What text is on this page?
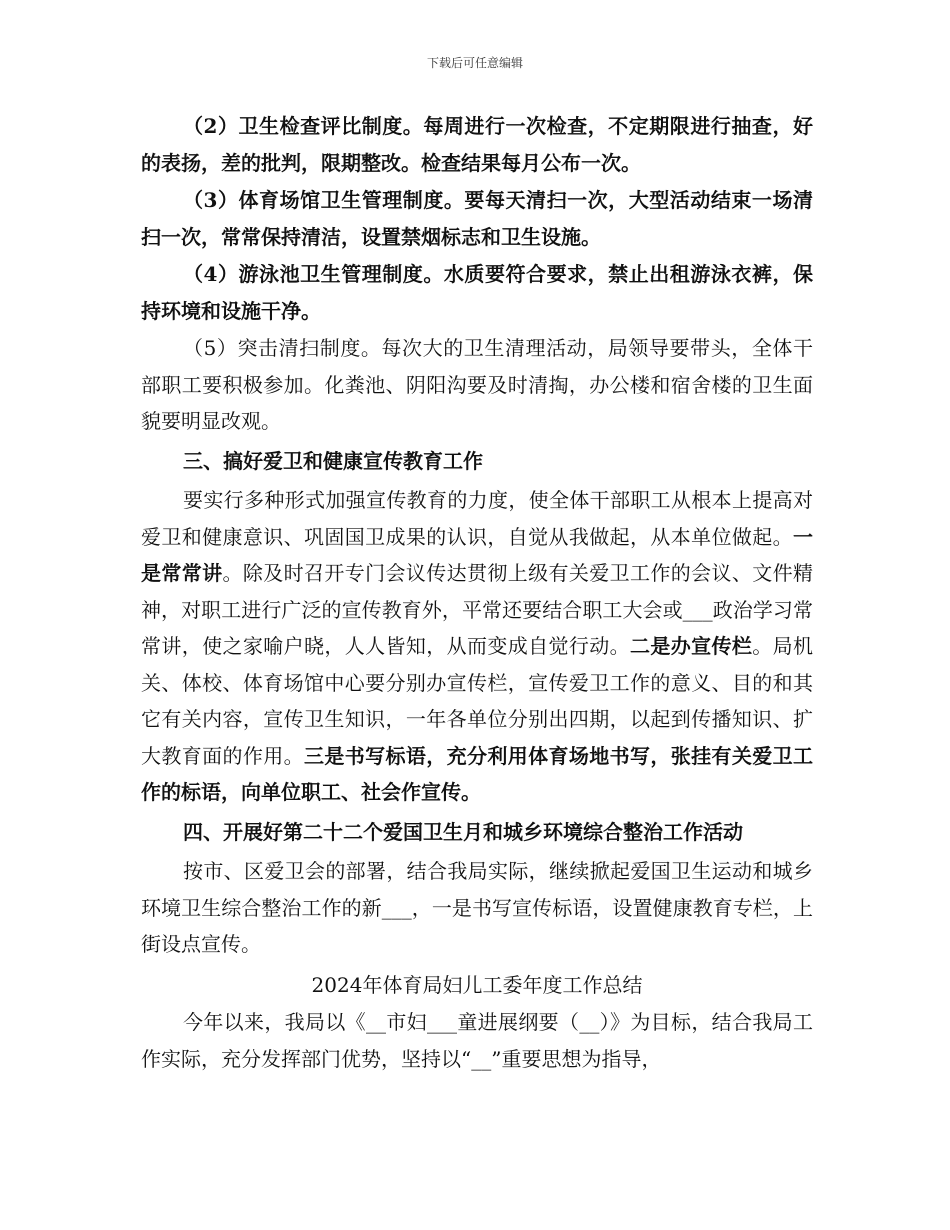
下载后可任意编辑

（2）卫生检查评比制度。每周进行一次检查，不定期限进行抽查，好的表扬，差的批判，限期整改。检查结果每月公布一次。

（3）体育场馆卫生管理制度。要每天清扫一次，大型活动结束一场清扫一次，常常保持清洁，设置禁烟标志和卫生设施。

（4）游泳池卫生管理制度。水质要符合要求，禁止出租游泳衣裤，保持环境和设施干净。

（5）突击清扫制度。每次大的卫生清理活动，局领导要带头，全体干部职工要积极参加。化粪池、阴阳沟要及时清掏，办公楼和宿舍楼的卫生面貌要明显改观。

三、搞好爱卫和健康宣传教育工作

要实行多种形式加强宣传教育的力度，使全体干部职工从根本上提高对爱卫和健康意识、巩固国卫成果的认识，自觉从我做起，从本单位做起。一是常常讲。除及时召开专门会议传达贯彻上级有关爱卫工作的会议、文件精神，对职工进行广泛的宣传教育外，平常还要结合职工大会或___政治学习常常讲，使之家喻户晓，人人皆知，从而变成自觉行动。二是办宣传栏。局机关、体校、体育场馆中心要分别办宣传栏，宣传爱卫工作的意义、目的和其它有关内容，宣传卫生知识，一年各单位分别出四期，以起到传播知识、扩大教育面的作用。三是书写标语，充分利用体育场地书写，张挂有关爱卫工作的标语，向单位职工、社会作宣传。

四、开展好第二十二个爱国卫生月和城乡环境综合整治工作活动

按市、区爱卫会的部署，结合我局实际，继续掀起爱国卫生运动和城乡环境卫生综合整治工作的新___，一是书写宣传标语，设置健康教育专栏，上街设点宣传。

2024年体育局妇儿工委年度工作总结

今年以来，我局以《__市妇___童进展纲要（__）》为目标，结合我局工作实际，充分发挥部门优势，坚持以“__”重要思想为指导，
